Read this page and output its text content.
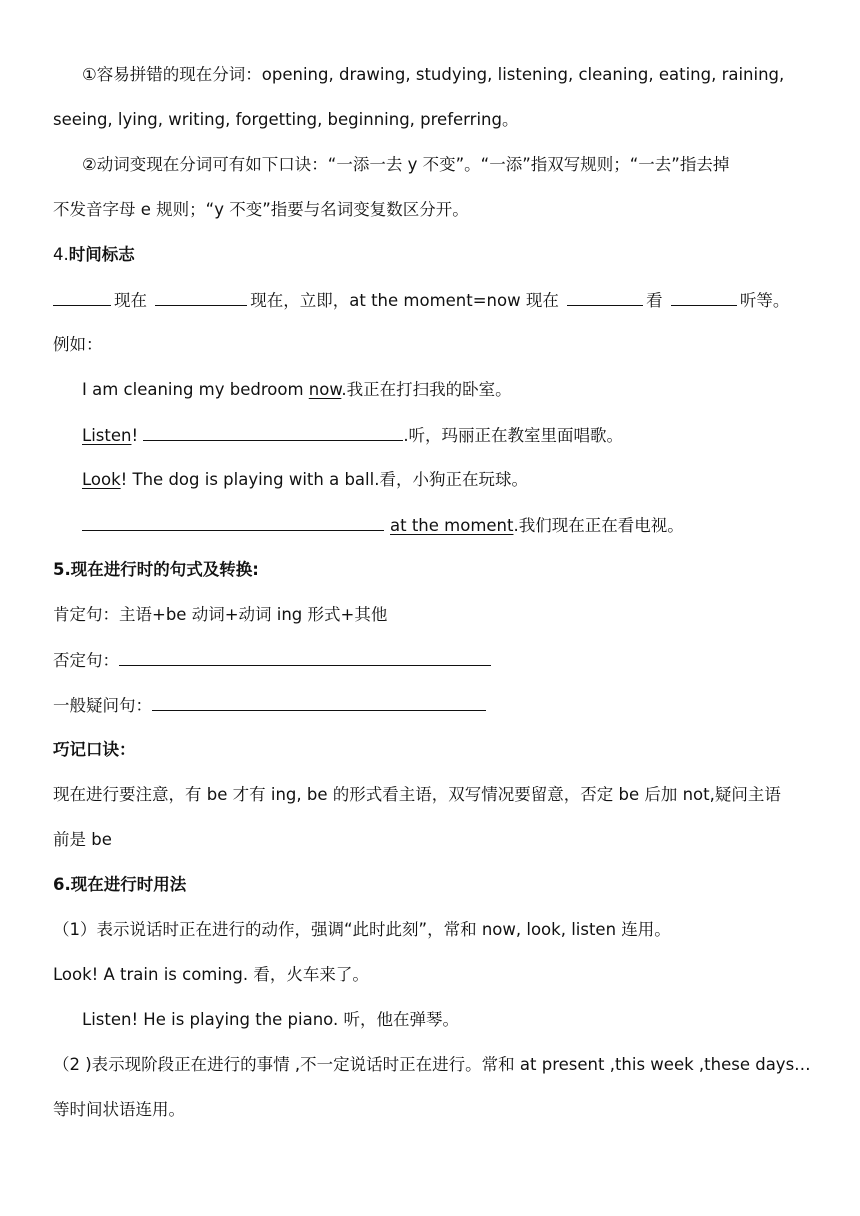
①容易拼错的现在分词：opening, drawing, studying, listening, cleaning, eating, raining,
seeing, lying, writing, forgetting, beginning, preferring。
②动词变现在分词可有如下口诀：“一添一去 y 不变”。“一添”指双写规则；“一去”指去掉
不发音字母 e 规则；“y 不变”指要与名词变复数区分开。
4.时间标志
现在	现在，立即，at the moment=now 现在	看	听等。
例如：
I am cleaning my bedroom now.我正在打扫我的卧室。
Listen!	.听，玛丽正在教室里面唱歌。
Look! The dog is playing with a ball.看，小狗正在玩球。
at the moment.我们现在正在看电视。
5.现在进行时的句式及转换:
肯定句：主语+be 动词+动词 ing 形式+其他
否定句：
一般疑问句：
巧记口诀：
现在进行要注意，有 be 才有 ing, be 的形式看主语，双写情况要留意，否定 be 后加 not,疑问主语
前是 be
6.现在进行时用法
（1）表示说话时正在进行的动作，强调“此时此刻”，常和 now, look, listen 连用。
Look! A train is coming. 看，火车来了。
Listen! He is playing the piano. 听，他在弹琴。
（2 )表示现阶段正在进行的事情 ,不一定说话时正在进行。常和 at present ,this week ,these days…
等时间状语连用。
